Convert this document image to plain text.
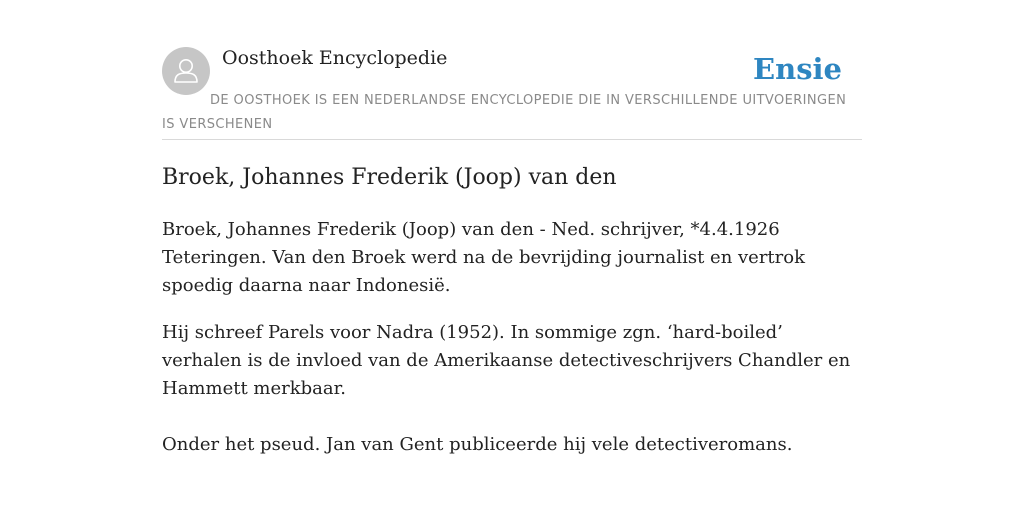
Oosthoek Encyclopedie	Ensie
DE OOSTHOEK IS EEN NEDERLANDSE ENCYCLOPEDIE DIE IN VERSCHILLENDE UITVOERINGEN IS VERSCHENEN
Broek, Johannes Frederik (Joop) van den

Broek, Johannes Frederik (Joop) van den - Ned. schrijver, *4.4.1926 Teteringen. Van den Broek werd na de bevrijding journalist en vertrok spoedig daarna naar Indonesië.

Hij schreef Parels voor Nadra (1952). In sommige zgn. ‘hard-boiled’ verhalen is de invloed van de Amerikaanse detectiveschrijvers Chandler en Hammett merkbaar.

Onder het pseud. Jan van Gent publiceerde hij vele detectiveromans.
